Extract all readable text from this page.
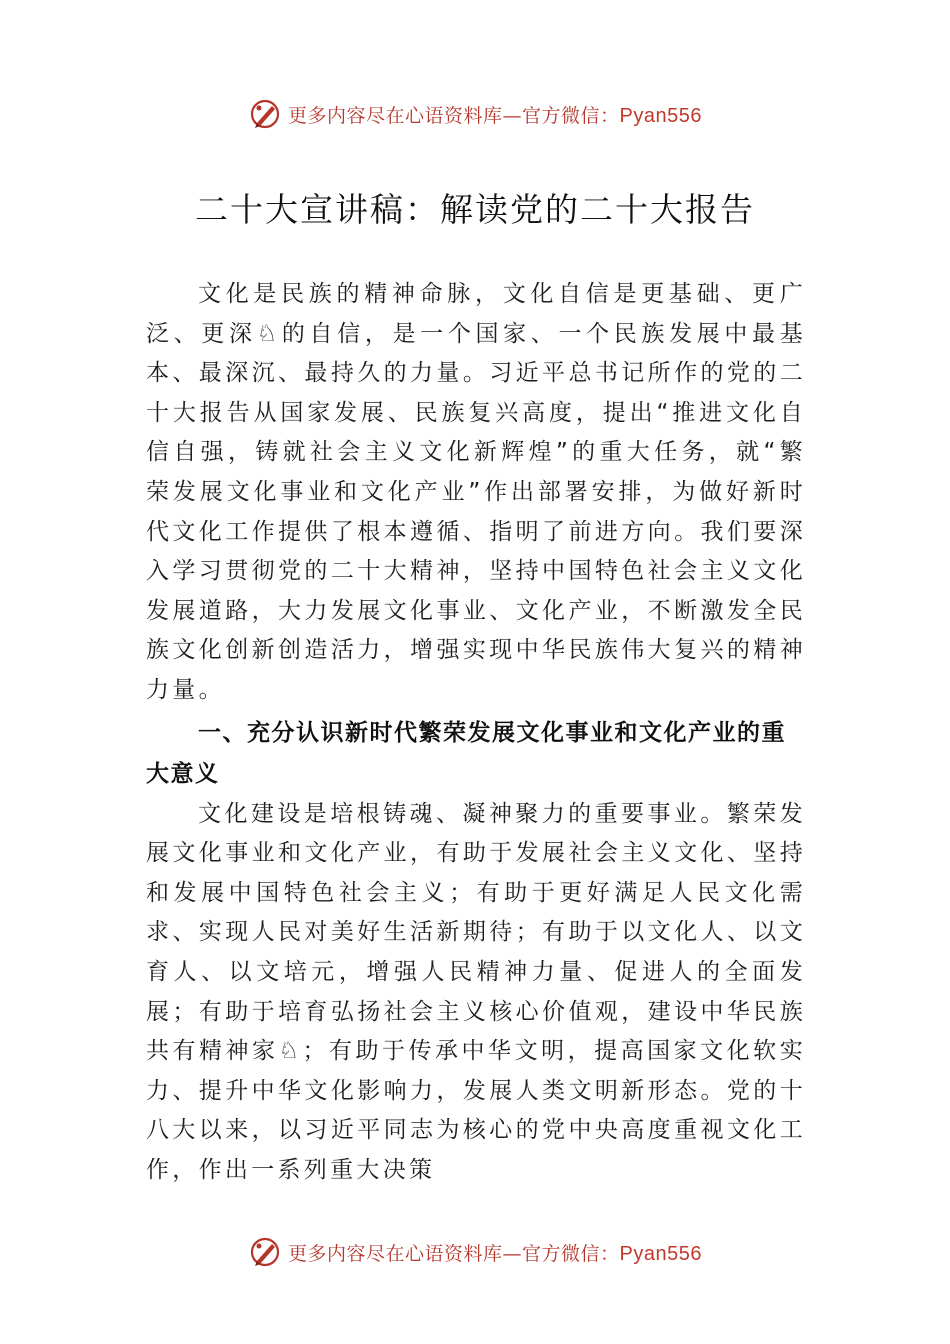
更多内容尽在心语资料库—官方微信：Pyan556
二十大宣讲稿：解读党的二十大报告

文化是民族的精神命脉，文化自信是更基础、更广泛、更深♘的自信，是一个国家、一个民族发展中最基本、最深沉、最持久的力量。习近平总书记所作的党的二十大报告从国家发展、民族复兴高度，提出“推进文化自信自强，铸就社会主义文化新辉煌”的重大任务，就“繁荣发展文化事业和文化产业”作出部署安排，为做好新时代文化工作提供了根本遵循、指明了前进方向。我们要深入学习贯彻党的二十大精神，坚持中国特色社会主义文化发展道路，大力发展文化事业、文化产业，不断激发全民族文化创新创造活力，增强实现中华民族伟大复兴的精神力量。

一、充分认识新时代繁荣发展文化事业和文化产业的重大意义

文化建设是培根铸魂、凝神聚力的重要事业。繁荣发展文化事业和文化产业，有助于发展社会主义文化、坚持和发展中国特色社会主义；有助于更好满足人民文化需求、实现人民对美好生活新期待；有助于以文化人、以文育人、以文培元，增强人民精神力量、促进人的全面发展；有助于培育弘扬社会主义核心价值观，建设中华民族共有精神家♘；有助于传承中华文明，提高国家文化软实力、提升中华文化影响力，发展人类文明新形态。党的十八大以来，以习近平同志为核心的党中央高度重视文化工作，作出一系列重大决策

更多内容尽在心语资料库—官方微信：Pyan556
